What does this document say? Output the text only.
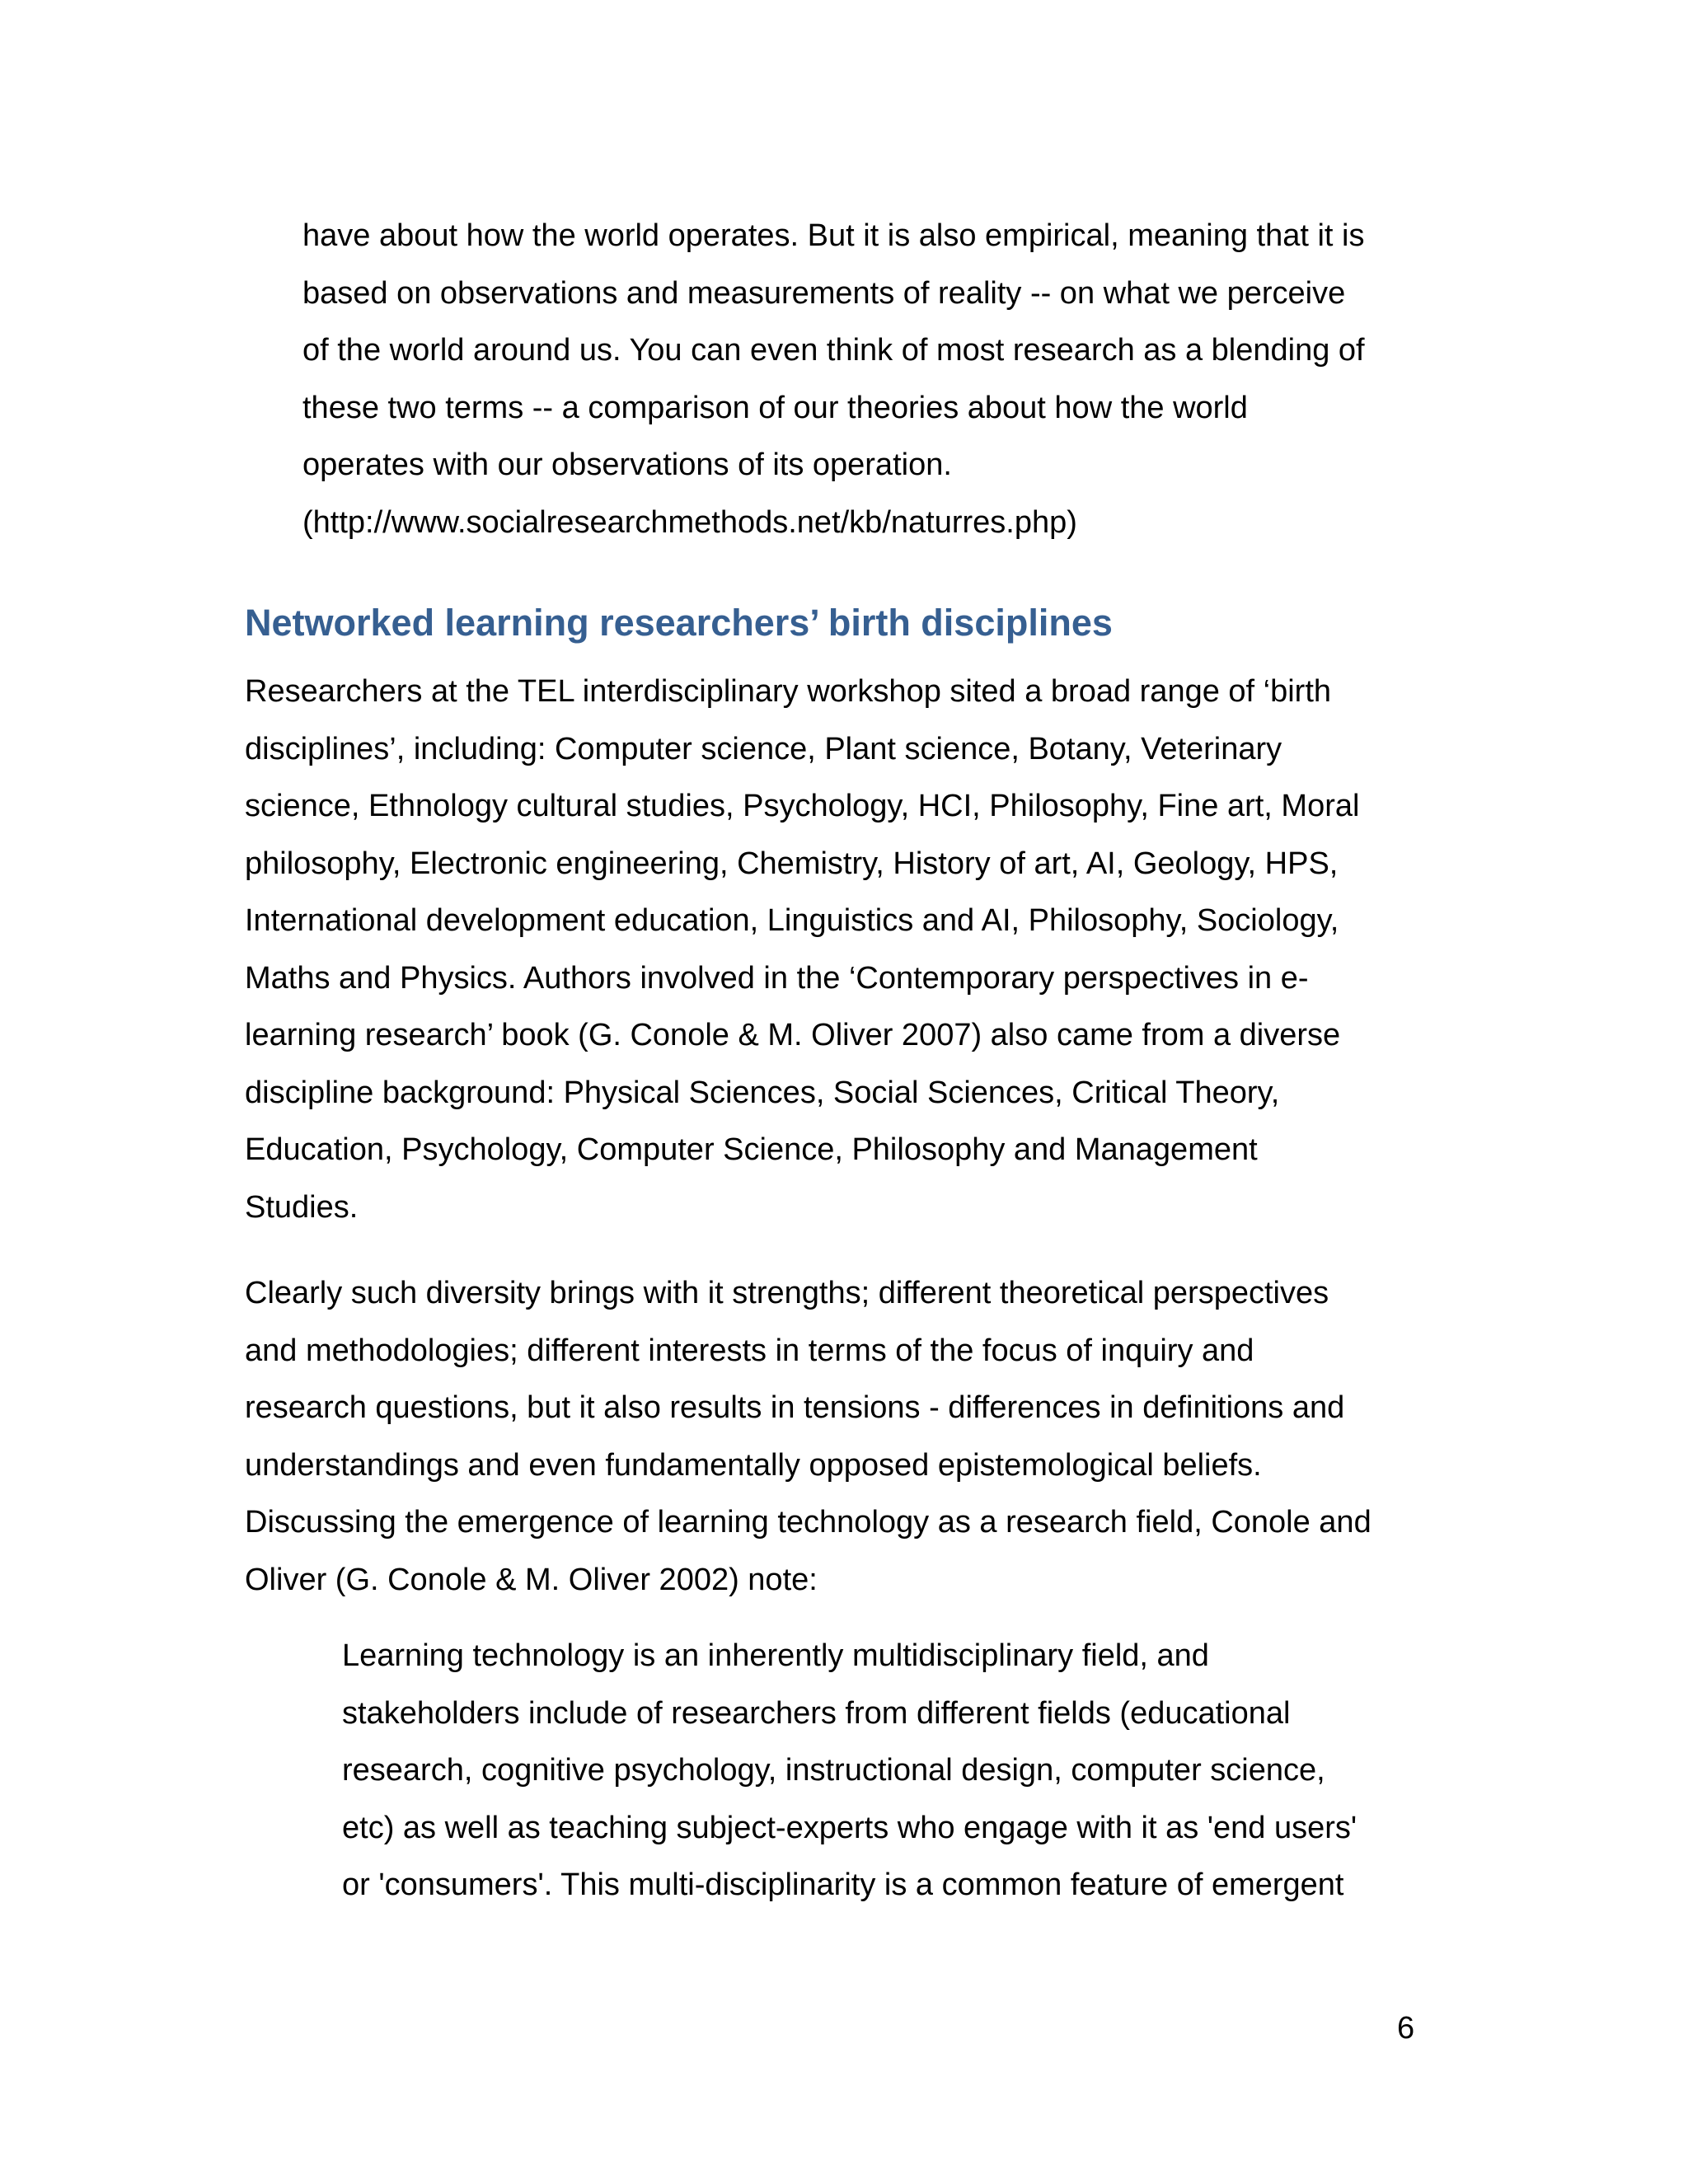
have about how the world operates. But it is also empirical, meaning that it is
based on observations and measurements of reality -- on what we perceive
of the world around us. You can even think of most research as a blending of
these two terms -- a comparison of our theories about how the world
operates with our observations of its operation.
(http://www.socialresearchmethods.net/kb/naturres.php)
Networked learning researchers’ birth disciplines
Researchers at the TEL interdisciplinary workshop sited a broad range of ‘birth
disciplines’, including: Computer science, Plant science, Botany, Veterinary
science, Ethnology cultural studies, Psychology, HCI, Philosophy, Fine art, Moral
philosophy, Electronic engineering, Chemistry, History of art, AI, Geology, HPS,
International development education, Linguistics and AI, Philosophy, Sociology,
Maths and Physics. Authors involved in the ‘Contemporary perspectives in e-
learning research’ book (G. Conole & M. Oliver 2007) also came from a diverse
discipline background: Physical Sciences, Social Sciences, Critical Theory,
Education, Psychology, Computer Science, Philosophy and Management
Studies.
Clearly such diversity brings with it strengths; different theoretical perspectives
and methodologies; different interests in terms of the focus of inquiry and
research questions, but it also results in tensions - differences in definitions and
understandings and even fundamentally opposed epistemological beliefs.
Discussing the emergence of learning technology as a research field, Conole and
Oliver (G. Conole & M. Oliver 2002) note:
Learning technology is an inherently multidisciplinary field, and
stakeholders include of researchers from different fields (educational
research, cognitive psychology, instructional design, computer science,
etc) as well as teaching subject-experts who engage with it as 'end users'
or 'consumers'. This multi-disciplinarity is a common feature of emergent

6
